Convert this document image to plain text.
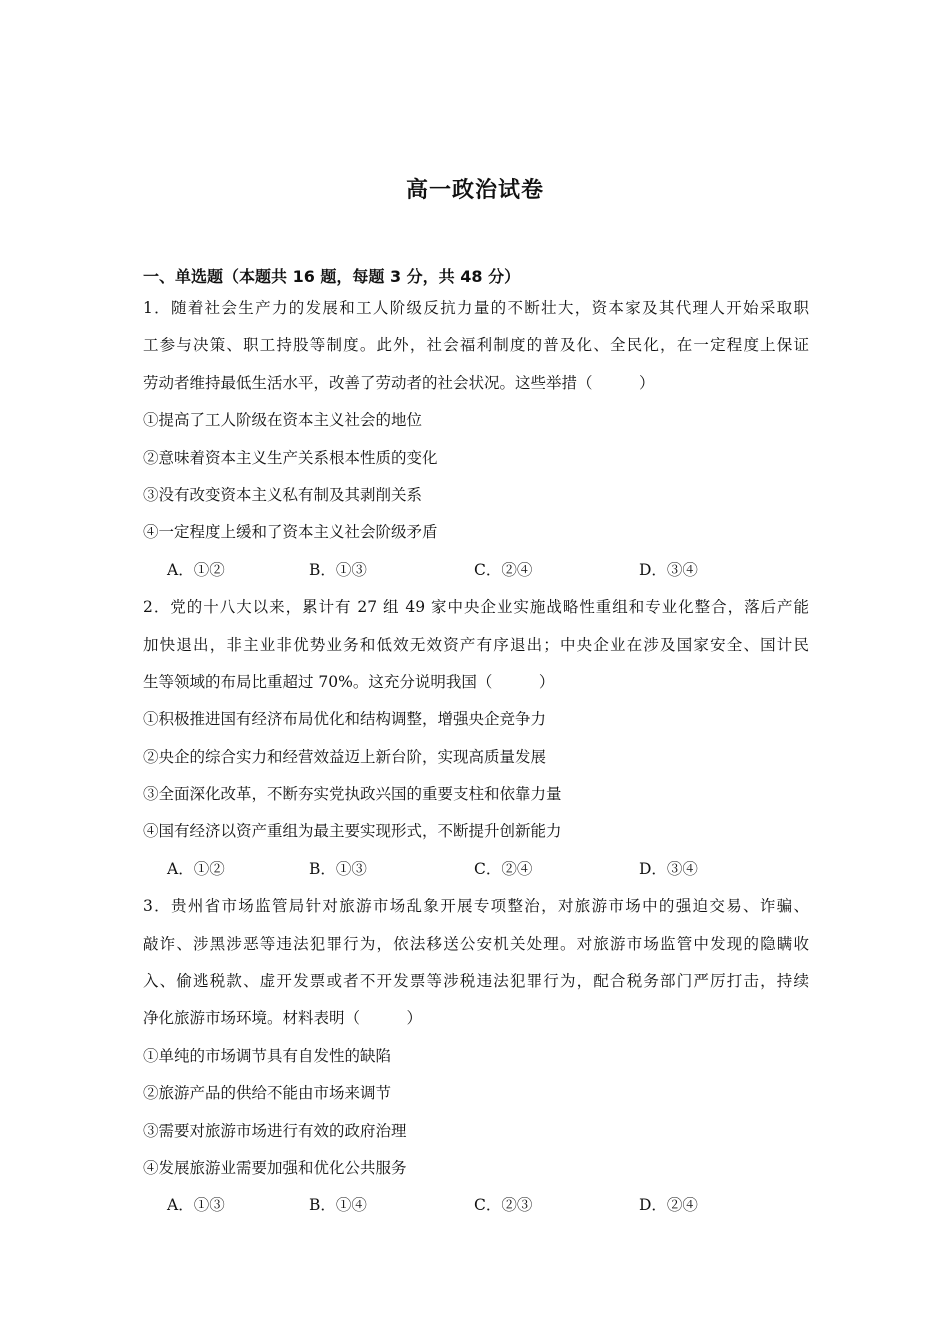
高一政治试卷
一、单选题（本题共 16 题，每题 3 分，共 48 分）
1．随着社会生产力的发展和工人阶级反抗力量的不断壮大，资本家及其代理人开始采取职
工参与决策、职工持股等制度。此外，社会福利制度的普及化、全民化，在一定程度上保证
劳动者维持最低生活水平，改善了劳动者的社会状况。这些举措（　　　）
①提高了工人阶级在资本主义社会的地位
②意味着资本主义生产关系根本性质的变化
③没有改变资本主义私有制及其剥削关系
④一定程度上缓和了资本主义社会阶级矛盾
A．①②	B．①③	C．②④	D．③④
2．党的十八大以来，累计有 27 组 49 家中央企业实施战略性重组和专业化整合，落后产能
加快退出，非主业非优势业务和低效无效资产有序退出；中央企业在涉及国家安全、国计民
生等领域的布局比重超过 70%。这充分说明我国（　　　）
①积极推进国有经济布局优化和结构调整，增强央企竞争力
②央企的综合实力和经营效益迈上新台阶，实现高质量发展
③全面深化改革，不断夯实党执政兴国的重要支柱和依靠力量
④国有经济以资产重组为最主要实现形式，不断提升创新能力
A．①②	B．①③	C．②④	D．③④
3．贵州省市场监管局针对旅游市场乱象开展专项整治，对旅游市场中的强迫交易、诈骗、
敲诈、涉黑涉恶等违法犯罪行为，依法移送公安机关处理。对旅游市场监管中发现的隐瞒收
入、偷逃税款、虚开发票或者不开发票等涉税违法犯罪行为，配合税务部门严厉打击，持续
净化旅游市场环境。材料表明（　　　）
①单纯的市场调节具有自发性的缺陷
②旅游产品的供给不能由市场来调节
③需要对旅游市场进行有效的政府治理
④发展旅游业需要加强和优化公共服务
A．①③	B．①④	C．②③	D．②④
